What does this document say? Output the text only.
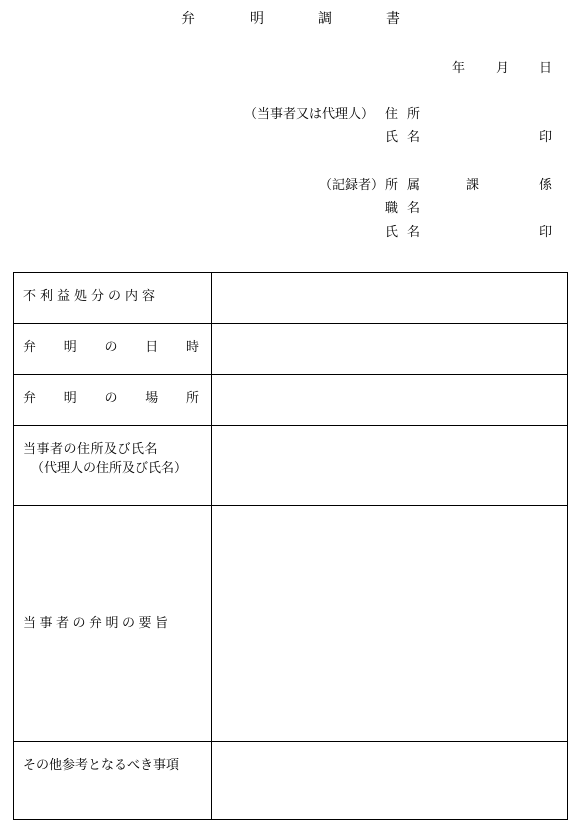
弁	明	調	書
年 月 日
（当事者又は代理人） 住 所
氏 名	印
（記録者） 所 属	課	係
職 名
氏 名	印
不利益処分の内容	

弁 明 の 日 時	

弁 明 の 場 所	

当事者の住所及び氏名
（代理人の住所及び氏名）	

当事者の弁明の要旨	
その他参考となるべき事項	
